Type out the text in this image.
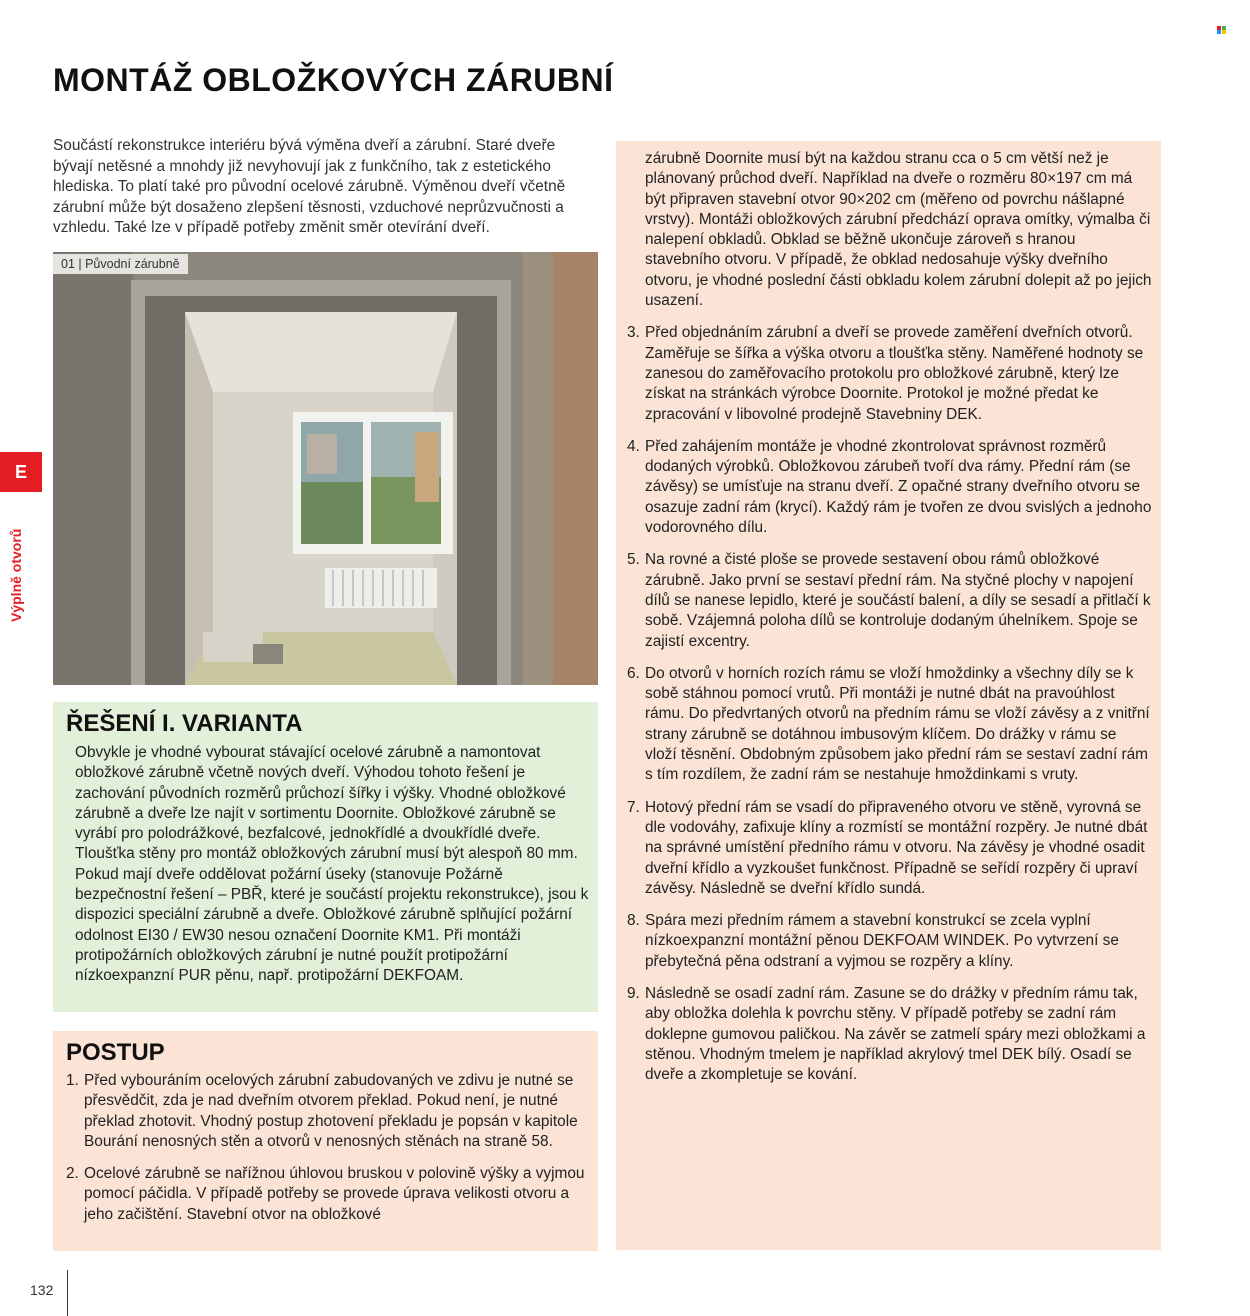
E
Výplně otvorů
MONTÁŽ OBLOŽKOVÝCH ZÁRUBNÍ

Součástí rekonstrukce interiéru bývá výměna dveří a zárubní. Staré dveře bývají netěsné a mnohdy již nevyhovují jak z funkčního, tak z estetického hlediska. To platí také pro původní ocelové zárubně. Výměnou dveří včetně zárubní může být dosaženo zlepšení těsnosti, vzduchové neprůzvučnosti a vzhledu. Také lze v případě potřeby změnit směr otevírání dveří.

01 | Původní zárubně
ŘEŠENÍ I. VARIANTA

Obvykle je vhodné vybourat stávající ocelové zárubně a namontovat obložkové zárubně včetně nových dveří. Výhodou tohoto řešení je zachování původních rozměrů průchozí šířky i výšky. Vhodné obložkové zárubně a dveře lze najít v sortimentu Doornite. Obložkové zárubně se vyrábí pro polodrážkové, bezfalcové, jednokřídlé a dvoukřídlé dveře. Tloušťka stěny pro montáž obložkových zárubní musí být alespoň 80 mm. Pokud mají dveře oddělovat požární úseky (stanovuje Požárně bezpečnostní řešení – PBŘ, které je součástí projektu rekonstrukce), jsou k dispozici speciální zárubně a dveře. Obložkové zárubně splňující požární odolnost EI30 / EW30 nesou označení Doornite KM1. Při montáži protipožárních obložkových zárubní je nutné použít protipožární nízkoexpanzní PUR pěnu, např. protipožární DEKFOAM.

POSTUP
1. Před vybouráním ocelových zárubní zabudovaných ve zdivu je nutné se přesvědčit, zda je nad dveřním otvorem překlad. Pokud není, je nutné překlad zhotovit. Vhodný postup zhotovení překladu je popsán v kapitole Bourání nenosných stěn a otvorů v nenosných stěnách na straně 58.
2. Ocelové zárubně se nařížnou úhlovou bruskou v polovině výšky a vyjmou pomocí páčidla. V případě potřeby se provede úprava velikosti otvoru a jeho začištění. Stavební otvor na obložkové
zárubně Doornite musí být na každou stranu cca o 5 cm větší než je plánovaný průchod dveří. Například na dveře o rozměru 80×197 cm má být připraven stavební otvor 90×202 cm (měřeno od povrchu nášlapné vrstvy). Montáži obložkových zárubní předchází oprava omítky, výmalba či nalepení obkladů. Obklad se běžně ukončuje zároveň s hranou stavebního otvoru. V případě, že obklad nedosahuje výšky dveřního otvoru, je vhodné poslední části obkladu kolem zárubní dolepit až po jejich usazení.
3. Před objednáním zárubní a dveří se provede zaměření dveřních otvorů. Zaměřuje se šířka a výška otvoru a tloušťka stěny. Naměřené hodnoty se zanesou do zaměřovacího protokolu pro obložkové zárubně, který lze získat na stránkách výrobce Doornite. Protokol je možné předat ke zpracování v libovolné prodejně Stavebniny DEK.
4. Před zahájením montáže je vhodné zkontrolovat správnost rozměrů dodaných výrobků. Obložkovou zárubeň tvoří dva rámy. Přední rám (se závěsy) se umísťuje na stranu dveří. Z opačné strany dveřního otvoru se osazuje zadní rám (krycí). Každý rám je tvořen ze dvou svislých a jednoho vodorovného dílu.
5. Na rovné a čisté ploše se provede sestavení obou rámů obložkové zárubně. Jako první se sestaví přední rám. Na styčné plochy v napojení dílů se nanese lepidlo, které je součástí balení, a díly se sesadí a přitlačí k sobě. Vzájemná poloha dílů se kontroluje dodaným úhelníkem. Spoje se zajistí excentry.
6. Do otvorů v horních rozích rámu se vloží hmoždinky a všechny díly se k sobě stáhnou pomocí vrutů. Při montáži je nutné dbát na pravoúhlost rámu. Do předvrtaných otvorů na předním rámu se vloží závěsy a z vnitřní strany zárubně se dotáhnou imbusovým klíčem. Do drážky v rámu se vloží těsnění. Obdobným způsobem jako přední rám se sestaví zadní rám s tím rozdílem, že zadní rám se nestahuje hmoždinkami s vruty.
7. Hotový přední rám se vsadí do připraveného otvoru ve stěně, vyrovná se dle vodováhy, zafixuje klíny a rozmístí se montážní rozpěry. Je nutné dbát na správné umístění předního rámu v otvoru. Na závěsy je vhodné osadit dveřní křídlo a vyzkoušet funkčnost. Případně se seřídí rozpěry či upraví závěsy. Následně se dveřní křídlo sundá.
8. Spára mezi předním rámem a stavební konstrukcí se zcela vyplní nízkoexpanzní montážní pěnou DEKFOAM WINDEK. Po vytvrzení se přebytečná pěna odstraní a vyjmou se rozpěry a klíny.
9. Následně se osadí zadní rám. Zasune se do drážky v předním rámu tak, aby obložka dolehla k povrchu stěny. V případě potřeby se zadní rám doklepne gumovou paličkou. Na závěr se zatmelí spáry mezi obložkami a stěnou. Vhodným tmelem je například akrylový tmel DEK bílý. Osadí se dveře a zkompletuje se kování.
132
